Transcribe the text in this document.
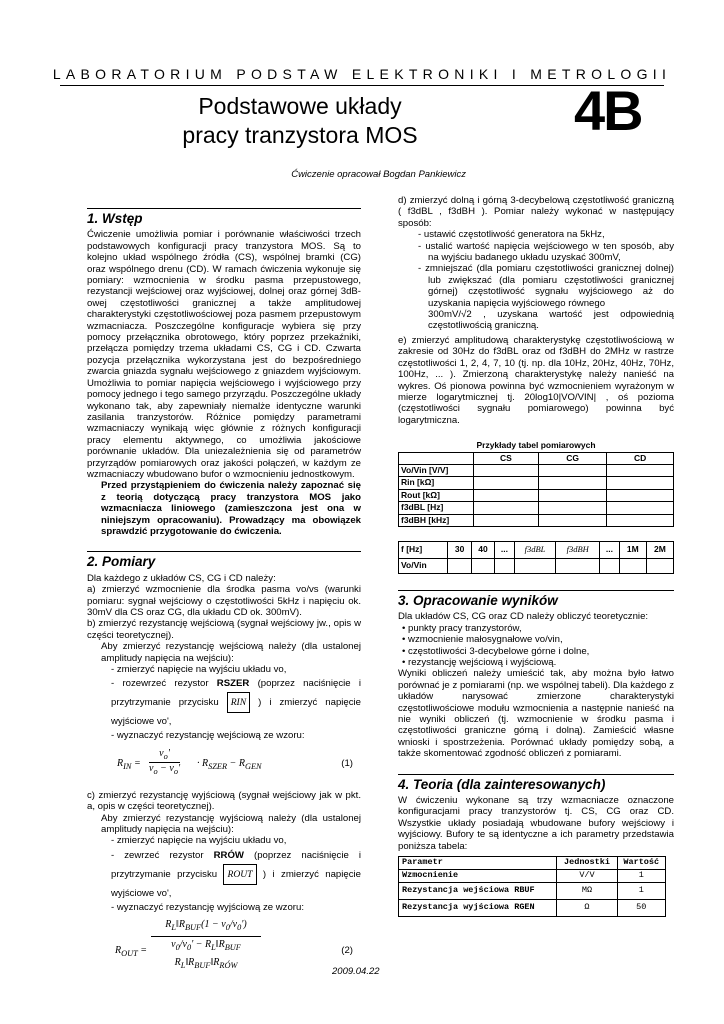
LABORATORIUM PODSTAW ELEKTRONIKI I METROLOGII
Podstawowe układy
pracy tranzystora MOS	4B
Ćwiczenie opracował Bogdan Pankiewicz
1. Wstęp

Ćwiczenie umożliwia pomiar i porównanie właściwości trzech podstawowych konfiguracji pracy tranzystora MOS. Są to kolejno układ wspólnego źródła (CS), wspólnej bramki (CG) oraz wspólnego drenu (CD). W ramach ćwiczenia wykonuje się pomiary: wzmocnienia w środku pasma przepustowego, rezystancji wejściowej oraz wyjściowej, dolnej oraz górnej 3dB-owej częstotliwości granicznej a także amplitudowej charakterystyki częstotliwościowej poza pasmem przepustowym wzmacniacza. Poszczególne konfiguracje wybiera się przy pomocy przełącznika obrotowego, który poprzez przekaźniki, przełącza pomiędzy trzema układami CS, CG i CD. Czwarta pozycja przełącznika wykorzystana jest do bezpośredniego zwarcia gniazda sygnału wejściowego z gniazdem wyjściowym. Umożliwia to pomiar napięcia wejściowego i wyjściowego przy pomocy jednego i tego samego przyrządu. Poszczególne układy wykonano tak, aby zapewniały niemalże identyczne warunki zasilania tranzystorów. Różnice pomiędzy parametrami wzmacniaczy wynikają więc głównie z różnych konfiguracji pracy elementu aktywnego, co umożliwia jakościowe porównanie układów. Dla uniezależnienia się od parametrów przyrządów pomiarowych oraz jakości połączeń, w każdym ze wzmacniaczy wbudowano bufor o wzmocnieniu jednostkowym.

Przed przystąpieniem do ćwiczenia należy zapoznać się z teorią dotyczącą pracy tranzystora MOS jako wzmacniacza liniowego (zamieszczona jest ona w niniejszym opracowaniu). Prowadzący ma obowiązek sprawdzić przygotowanie do ćwiczenia.

2. Pomiary

Dla każdego z układów CS, CG i CD należy:

a) zmierzyć wzmocnienie dla środka pasma vo/vs (warunki pomiaru: sygnał wejściowy o częstotliwości 5kHz i napięciu ok. 30mV dla CS oraz CG, dla układu CD ok. 300mV).

b) zmierzyć rezystancję wejściową (sygnał wejściowy jw., opis w części teoretycznej).

Aby zmierzyć rezystancję wejściową należy (dla ustalonej amplitudy napięcia na wejściu):

- zmierzyć napięcie na wyjściu układu vo,
- rozewrzeć rezystor RSZER (poprzez naciśnięcie i przytrzymanie przycisku RIN ) i zmierzyć napięcie wyjściowe vo',
- wyznaczyć rezystancję wejściową ze wzoru:
$R_{IN} = \frac{v_o'}{v_o - v_o'} \cdot R_{SZER} - R_{GEN}$	(1)

c) zmierzyć rezystancję wyjściową (sygnał wejściowy jak w pkt. a, opis w części teoretycznej).

Aby zmierzyć rezystancję wyjściową należy (dla ustalonej amplitudy napięcia na wejściu):

- zmierzyć napięcie na wyjściu układu vo,
- zewrzeć rezystor RRÓW (poprzez naciśnięcie i przytrzymanie przycisku ROUT ) i zmierzyć napięcie wyjściowe vo',
- wyznaczyć rezystancję wyjściową ze wzoru:
$R_{OUT}$ =
$R_L‖R_{BUF}(1 - v_0/v_0')$
$v_0/v_0'$ − $R_L‖R_{BUF}$
$R_L‖R_{BUF}‖R_{RÓW}$
(2)

d) zmierzyć dolną i górną 3-decybelową częstotliwość graniczną ( f3dBL , f3dBH ). Pomiar należy wykonać w następujący sposób:

- ustawić częstotliwość generatora na 5kHz,
- ustalić wartość napięcia wejściowego w ten sposób, aby na wyjściu badanego układu uzyskać 300mV,
- zmniejszać (dla pomiaru częstotliwości granicznej dolnej) lub zwiększać (dla pomiaru częstotliwości granicznej górnej) częstotliwość sygnału wyjściowego aż do uzyskania napięcia wyjściowego równego
300mV/√2 , uzyskana wartość jest odpowiednią częstotliwością graniczną.

e) zmierzyć amplitudową charakterystykę częstotliwościową w zakresie od 30Hz do f3dBL oraz od f3dBH do 2MHz w rastrze częstotliwości 1, 2, 4, 7, 10 (tj. np. dla 10Hz, 20Hz, 40Hz, 70Hz, 100Hz, ... ). Zmierzoną charakterystykę należy nanieść na wykres. Oś pionowa powinna być wzmocnieniem wyrażonym w mierze logarytmicznej tj. 20log10|VO/VIN| , oś pozioma (częstotliwości sygnału pomiarowego) powinna być logarytmiczna.

Przykłady tabel pomiarowych
	CS	CG	CD
Vo/Vin [V/V]			
Rin [kΩ]			
Rout [kΩ]			
f3dBL [Hz]			
f3dBH [kHz]			
f [Hz]	30	40	...	f3dBL	f3dBH	...	1M	2M
Vo/Vin								
3. Opracowanie wyników

Dla układów CS, CG oraz CD należy obliczyć teoretycznie:

• punkty pracy tranzystorów,
• wzmocnienie małosygnałowe vo/vin,
• częstotliwości 3-decybelowe górne i dolne,
• rezystancję wejściową i wyjściową.

Wyniki obliczeń należy umieścić tak, aby można było łatwo porównać je z pomiarami (np. we wspólnej tabeli). Dla każdego z układów narysować zmierzone charakterystyki częstotliwościowe modułu wzmocnienia a następnie nanieść na nie wyniki obliczeń (tj. wzmocnienie w środku pasma i częstotliwości graniczne górną i dolną). Zamieścić własne wnioski i spostrzeżenia. Porównać układy pomiędzy sobą, a także skomentować zgodność obliczeń z pomiarami.

4. Teoria (dla zainteresowanych)

W ćwiczeniu wykonane są trzy wzmacniacze oznaczone konfiguracjami pracy tranzystorów tj. CS, CG oraz CD. Wszystkie układy posiadają wbudowane bufory wejściowy i wyjściowy. Bufory te są identyczne a ich parametry przedstawia poniższa tabela:

Parametr	Jednostki	Wartość
Wzmocnienie	V/V	1
Rezystancja wejściowa RBUF	MΩ	1
Rezystancja wyjściowa RGEN	Ω	50
2009.04.22
